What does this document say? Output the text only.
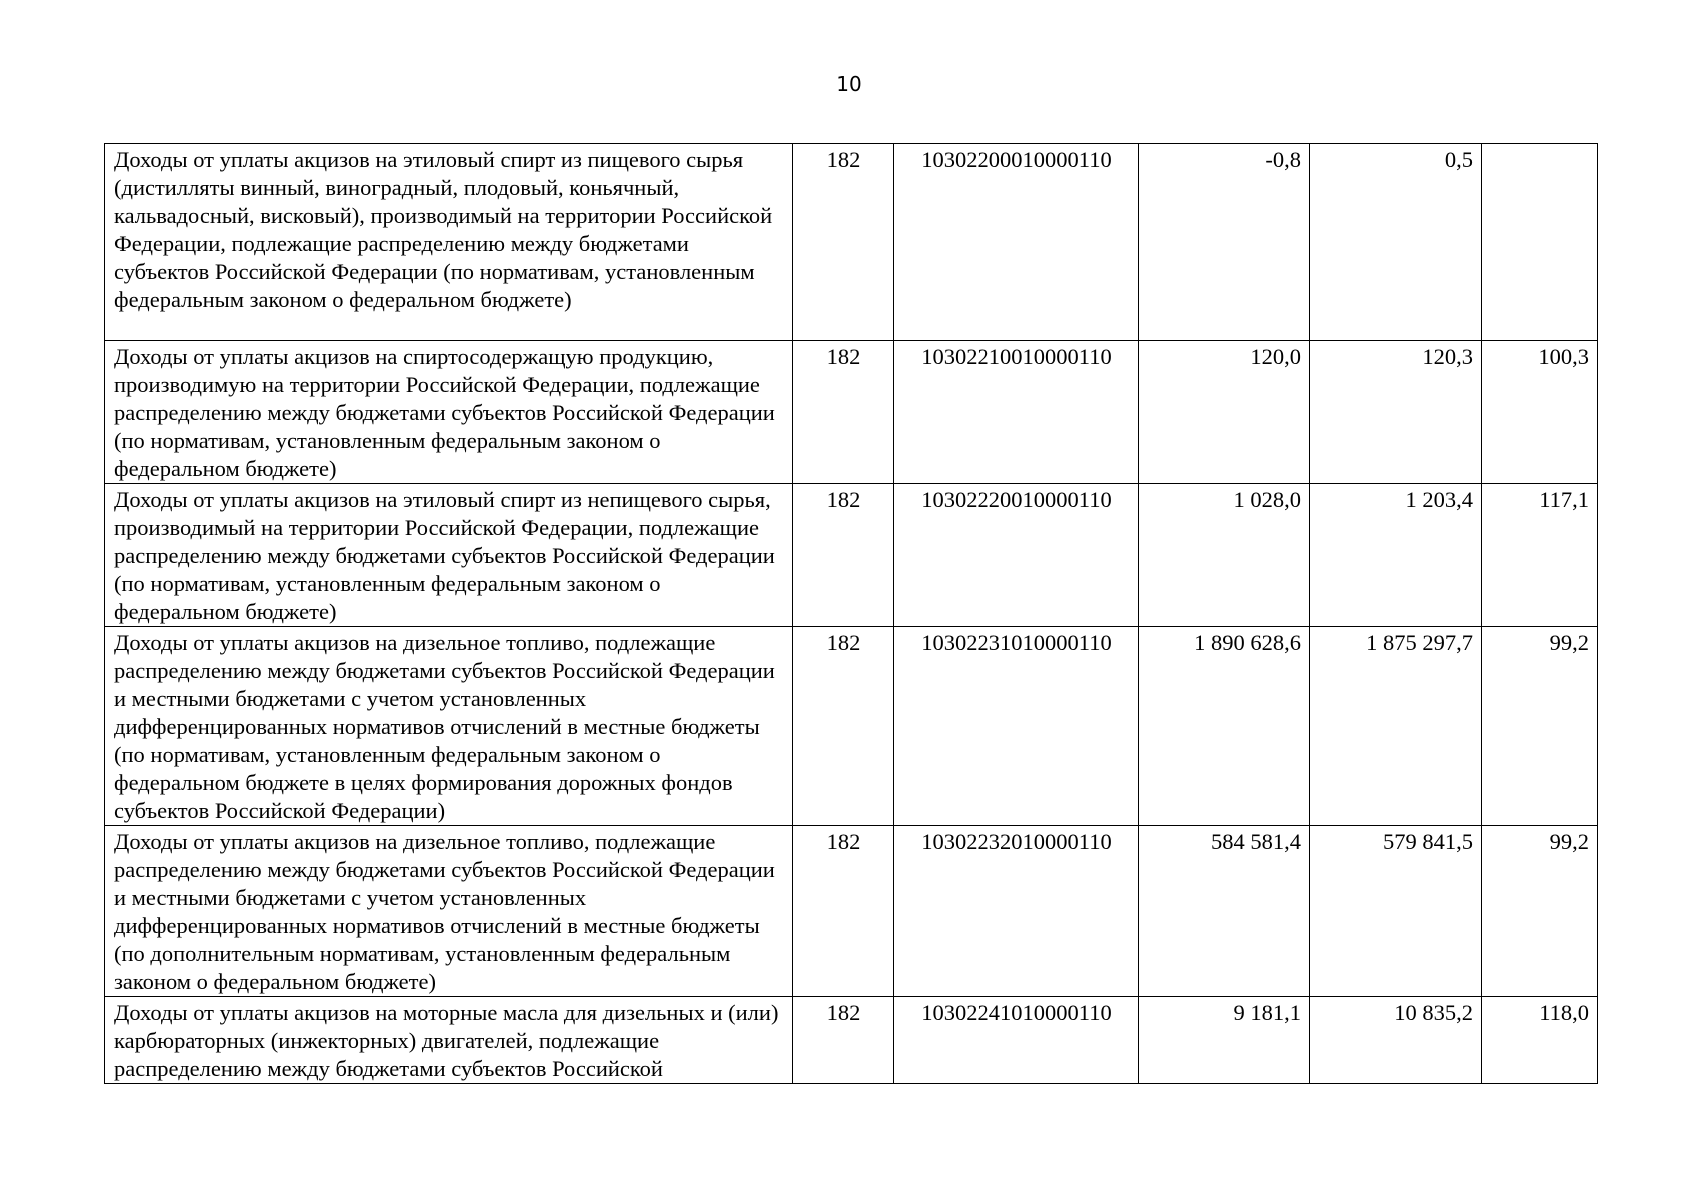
10
Доходы от уплаты акцизов на этиловый спирт из пищевого сырья (дистилляты винный, виноградный, плодовый, коньячный, кальвадосный, висковый), производимый на территории Российской Федерации, подлежащие распределению между бюджетами субъектов Российской Федерации (по нормативам, установленным федеральным законом о федеральном бюджете)	182	10302200010000110	-0,8	0,5	
Доходы от уплаты акцизов на спиртосодержащую продукцию, производимую на территории Российской Федерации, подлежащие распределению между бюджетами субъектов Российской Федерации (по нормативам, установленным федеральным законом о федеральном бюджете)	182	10302210010000110	120,0	120,3	100,3
Доходы от уплаты акцизов на этиловый спирт из непищевого сырья, производимый на территории Российской Федерации, подлежащие распределению между бюджетами субъектов Российской Федерации (по нормативам, установленным федеральным законом о федеральном бюджете)	182	10302220010000110	1 028,0	1 203,4	117,1
Доходы от уплаты акцизов на дизельное топливо, подлежащие распределению между бюджетами субъектов Российской Федерации и местными бюджетами с учетом установленных дифференцированных нормативов отчислений в местные бюджеты (по нормативам, установленным федеральным законом о федеральном бюджете в целях формирования дорожных фондов субъектов Российской Федерации)	182	10302231010000110	1 890 628,6	1 875 297,7	99,2
Доходы от уплаты акцизов на дизельное топливо, подлежащие распределению между бюджетами субъектов Российской Федерации и местными бюджетами с учетом установленных дифференцированных нормативов отчислений в местные бюджеты (по дополнительным нормативам, установленным федеральным законом о федеральном бюджете)	182	10302232010000110	584 581,4	579 841,5	99,2
Доходы от уплаты акцизов на моторные масла для дизельных и (или) карбюраторных (инжекторных) двигателей, подлежащие распределению между бюджетами субъектов Российской	182	10302241010000110	9 181,1	10 835,2	118,0
